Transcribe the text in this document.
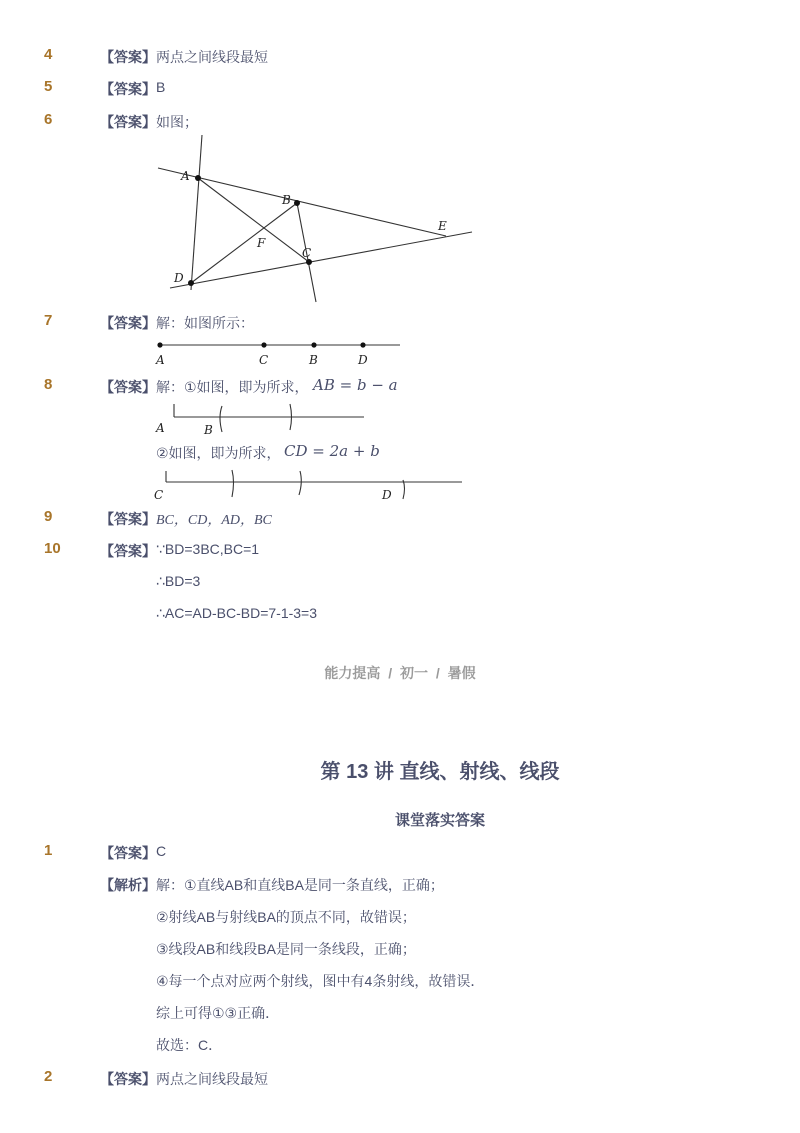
4	【答案】 两点之间线段最短
5	【答案】 B
6	【答案】 如图；
A
B
C
D
E
F
7	【答案】 解：如图所示：
A	C	B	D
8	【答案】 解：①如图，即为所求， AB = b − a
A	B
②如图，即为所求， CD = 2a + b
C	D
9	【答案】 BC，CD，AD，BC
10	【答案】 ∵BD=3BC,BC=1
∴BD=3
∴AC=AD-BC-BD=7-1-3=3
能力提高 / 初一 / 暑假
第 13 讲 直线、射线、线段
课堂落实答案
1	【答案】 C
【解析】 解：①直线AB和直线BA是同一条直线，正确；
②射线AB与射线BA的顶点不同，故错误；
③线段AB和线段BA是同一条线段，正确；
④每一个点对应两个射线，图中有4条射线，故错误．
综上可得①③正确．
故选：C．
2	【答案】 两点之间线段最短
